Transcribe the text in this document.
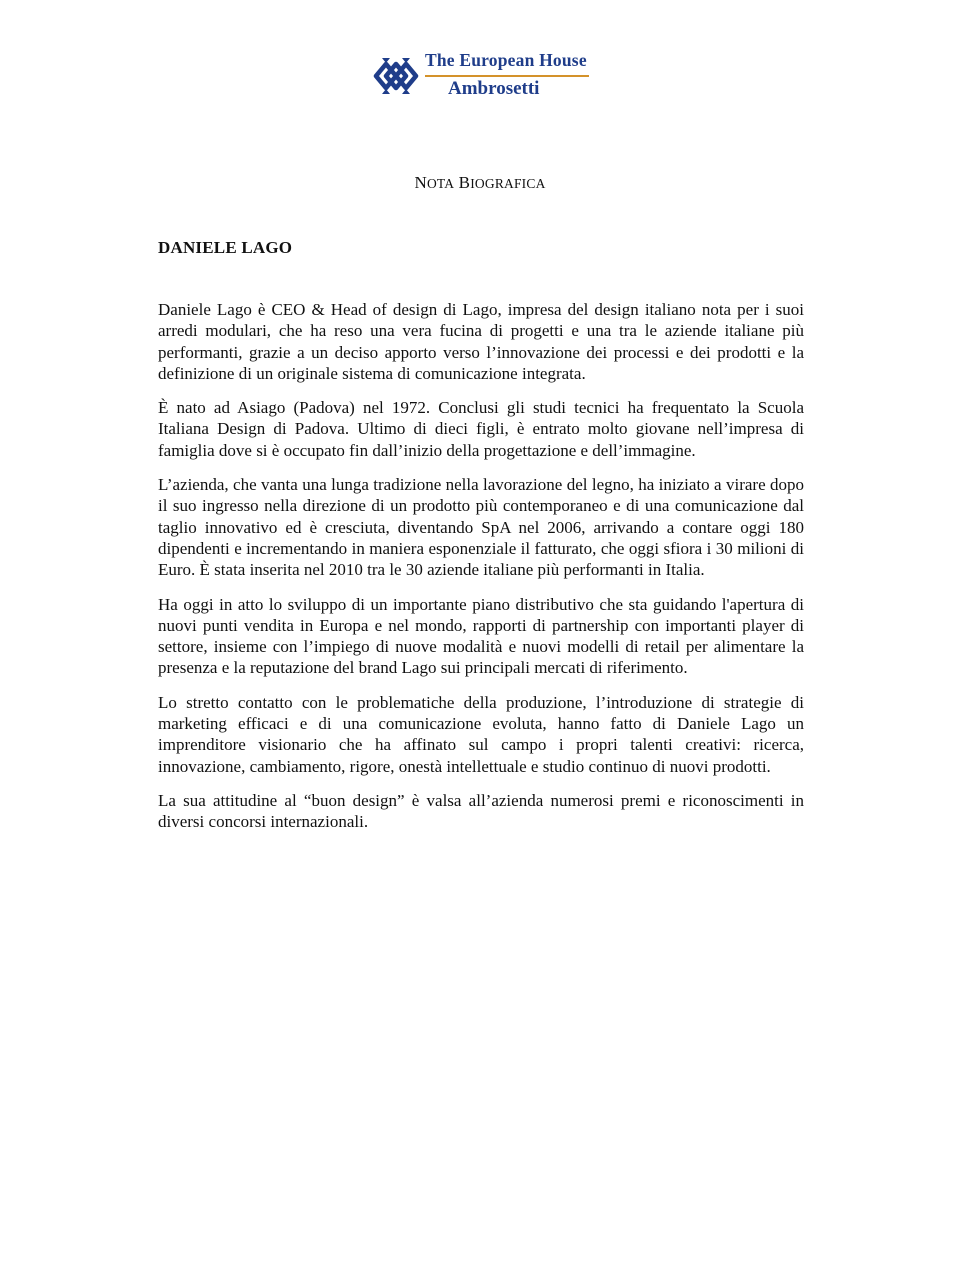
The European House
Ambrosetti
NOTA BIOGRAFICA
DANIELE LAGO

Daniele Lago è CEO & Head of design di Lago, impresa del design italiano nota per i suoi arredi modulari, che ha reso una vera fucina di progetti e una tra le aziende italiane più performanti, grazie a un deciso apporto verso l’innovazione dei processi e dei prodotti e la definizione di un originale sistema di comunicazione integrata.

È nato ad Asiago (Padova) nel 1972. Conclusi gli studi tecnici ha frequentato la Scuola Italiana Design di Padova. Ultimo di dieci figli, è entrato molto giovane nell’impresa di famiglia dove si è occupato fin dall’inizio della progettazione e dell’immagine.

L’azienda, che vanta una lunga tradizione nella lavorazione del legno, ha iniziato a virare dopo il suo ingresso nella direzione di un prodotto più contemporaneo e di una comunicazione dal taglio innovativo ed è cresciuta, diventando SpA nel 2006, arrivando a contare oggi 180 dipendenti e incrementando in maniera esponenziale il fatturato, che oggi sfiora i 30 milioni di Euro. È stata inserita nel 2010 tra le 30 aziende italiane più performanti in Italia.

Ha oggi in atto lo sviluppo di un importante piano distributivo che sta guidando l'apertura di nuovi punti vendita in Europa e nel mondo, rapporti di partnership con importanti player di settore, insieme con l’impiego di nuove modalità e nuovi modelli di retail per alimentare la presenza e la reputazione del brand Lago sui principali mercati di riferimento.

Lo stretto contatto con le problematiche della produzione, l’introduzione di strategie di marketing efficaci e di una comunicazione evoluta, hanno fatto di Daniele Lago un imprenditore visionario che ha affinato sul campo i propri talenti creativi: ricerca, innovazione, cambiamento, rigore, onestà intellettuale e studio continuo di nuovi prodotti.

La sua attitudine al “buon design” è valsa all’azienda numerosi premi e riconoscimenti in diversi concorsi internazionali.
